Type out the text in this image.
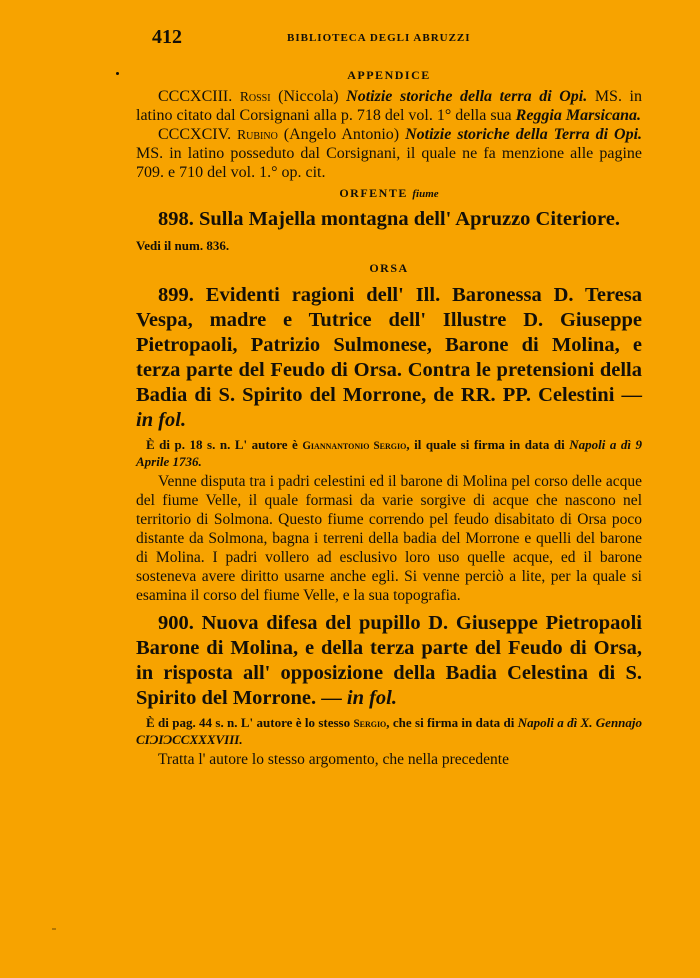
412	BIBLIOTECA DEGLI ABRUZZI

APPENDICE

CCCXCIII. Rossi (Niccola) Notizie storiche della terra di Opi. MS. in latino citato dal Corsignani alla p. 718 del vol. 1° della sua Reggia Marsicana.

CCCXCIV. Rubino (Angelo Antonio) Notizie storiche della Terra di Opi. MS. in latino posseduto dal Corsignani, il quale ne fa menzione alle pagine 709. e 710 del vol. 1.° op. cit.

ORFENTE fiume

898. Sulla Majella montagna dell' Apruzzo Citeriore.

Vedi il num. 836.

ORSA

899. Evidenti ragioni dell' Ill. Baronessa D. Teresa Vespa, madre e Tutrice dell' Illustre D. Giuseppe Pietropaoli, Patrizio Sulmonese, Barone di Molina, e terza parte del Feudo di Orsa. Contra le pretensioni della Badia di S. Spirito del Morrone, de RR. PP. Celestini — in fol.

È di p. 18 s. n. L' autore è Giannantonio Sergio, il quale si firma in data di Napoli a dì 9 Aprile 1736.

Venne disputa tra i padri celestini ed il barone di Molina pel corso delle acque del fiume Velle, il quale formasi da varie sorgive di acque che nascono nel territorio di Solmona. Questo fiume correndo pel feudo disabitato di Orsa poco distante da Solmona, bagna i terreni della badia del Morrone e quelli del barone di Molina. I padri vollero ad esclusivo loro uso quelle acque, ed il barone sosteneva avere diritto usarne anche egli. Si venne perciò a lite, per la quale si esamina il corso del fiume Velle, e la sua topografia.

900. Nuova difesa del pupillo D. Giuseppe Pietropaoli Barone di Molina, e della terza parte del Feudo di Orsa, in risposta all' opposizione della Badia Celestina di S. Spirito del Morrone. — in fol.

È di pag. 44 s. n. L' autore è lo stesso Sergio, che si firma in data di Napoli a dì X. Gennajo CIƆIƆCCXXXVIII.

Tratta l' autore lo stesso argomento, che nella precedente
